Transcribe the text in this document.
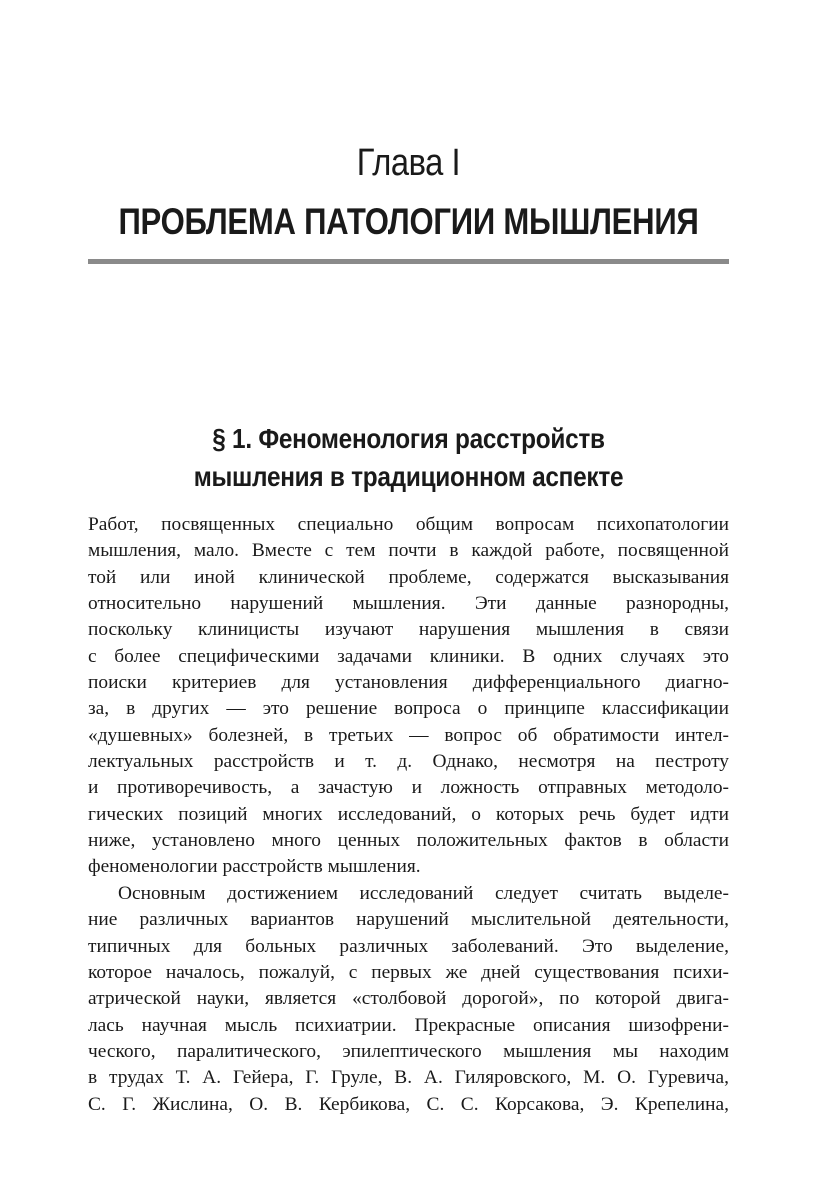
Глава I
ПРОБЛЕМА ПАТОЛОГИИ МЫШЛЕНИЯ
§ 1. Феноменология расстройств
мышления в традиционном аспекте
Работ, посвященных специально общим вопросам психопатологии
мышления, мало. Вместе с тем почти в каждой работе, посвященной
той или иной клинической проблеме, содержатся высказывания
относительно нарушений мышления. Эти данные разнородны,
поскольку клиницисты изучают нарушения мышления в связи
с более специфическими задачами клиники. В одних случаях это
поиски критериев для установления дифференциального диагно-
за, в других — это решение вопроса о принципе классификации
«душевных» болезней, в третьих — вопрос об обратимости интел-
лектуальных расстройств и т. д. Однако, несмотря на пестроту
и противоречивость, а зачастую и ложность отправных методоло-
гических позиций многих исследований, о которых речь будет идти
ниже, установлено много ценных положительных фактов в области
феноменологии расстройств мышления.
Основным достижением исследований следует считать выделе-
ние различных вариантов нарушений мыслительной деятельности,
типичных для больных различных заболеваний. Это выделение,
которое началось, пожалуй, с первых же дней существования психи-
атрической науки, является «столбовой дорогой», по которой двига-
лась научная мысль психиатрии. Прекрасные описания шизофрени-
ческого, паралитического, эпилептического мышления мы находим
в трудах Т. А. Гейера, Г. Груле, В. А. Гиляровского, М. О. Гуревича,
С. Г. Жислина, О. В. Кербикова, С. С. Корсакова, Э. Крепелина,
